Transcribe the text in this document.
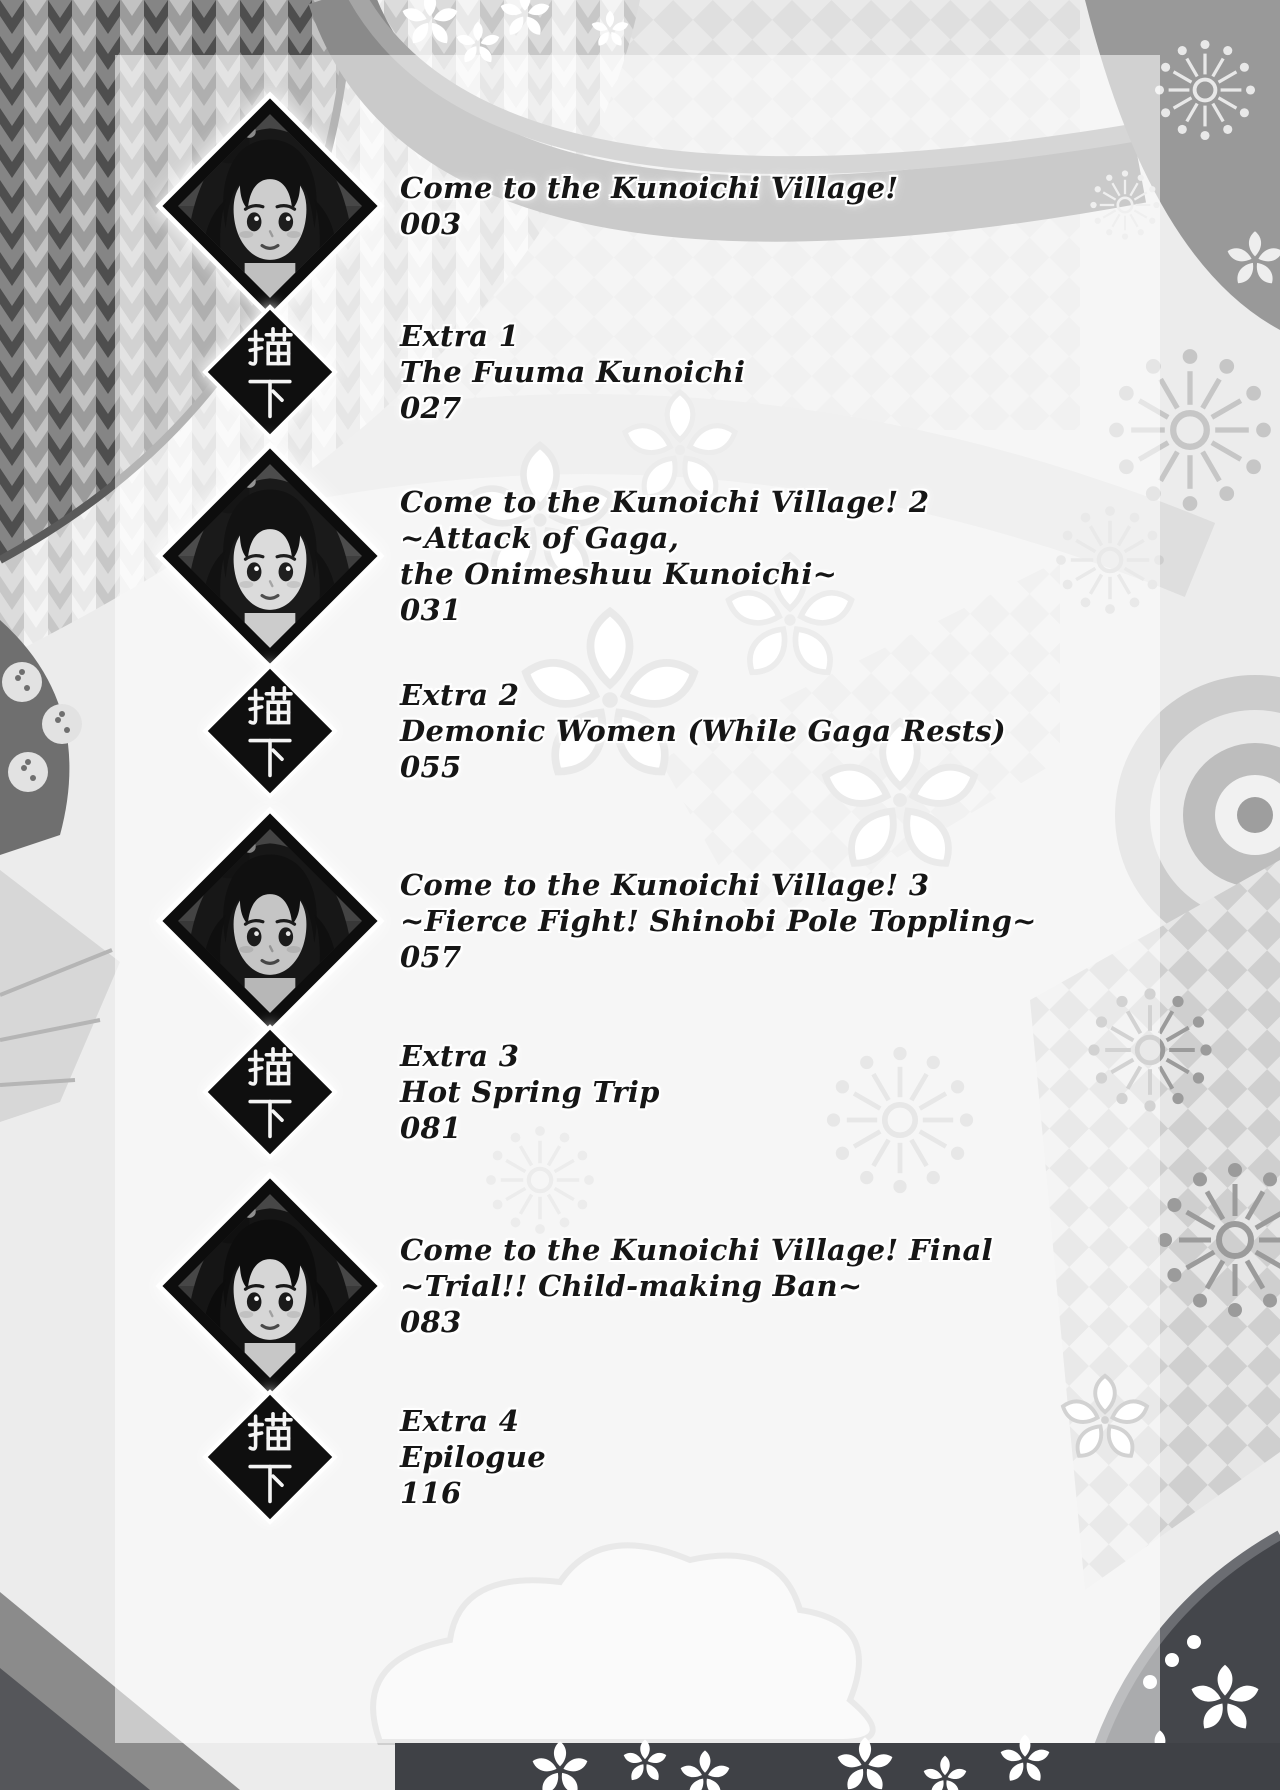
Come to the Kunoichi Village!
003
Extra 1
The Fuuma Kunoichi
027
Come to the Kunoichi Village! 2
~Attack of Gaga,
the Onimeshuu Kunoichi~
031
Extra 2
Demonic Women (While Gaga Rests)
055
Come to the Kunoichi Village! 3
~Fierce Fight! Shinobi Pole Toppling~
057
Extra 3
Hot Spring Trip
081
Come to the Kunoichi Village! Final
~Trial!! Child-making Ban~
083
Extra 4
Epilogue
116
